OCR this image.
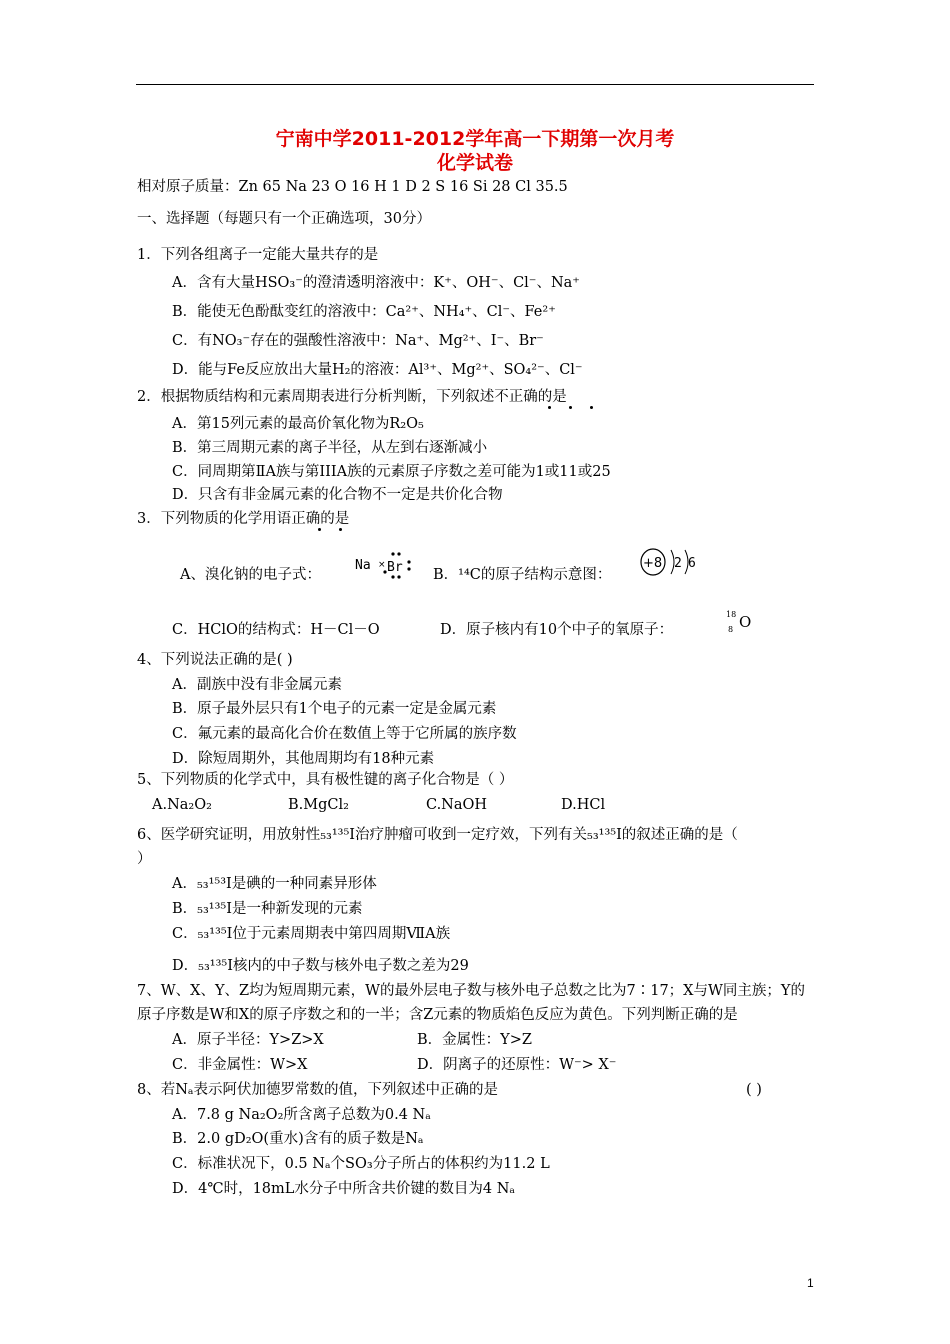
宁南中学2011-2012学年高一下期第一次月考
化学试卷
相对原子质量：Zn 65 Na 23 O 16 H 1 D 2 S 16 Si 28 Cl 35.5
一、选择题（每题只有一个正确选项，30分）
1．下列各组离子一定能大量共存的是
A．含有大量HSO₃⁻的澄清透明溶液中：K⁺、OH⁻、Cl⁻、Na⁺
B．能使无色酚酞变红的溶液中：Ca²⁺、NH₄⁺、Cl⁻、Fe²⁺
C．有NO₃⁻存在的强酸性溶液中：Na⁺、Mg²⁺、I⁻、Br⁻
D．能与Fe反应放出大量H₂的溶液：Al³⁺、Mg²⁺、SO₄²⁻、Cl⁻
2．根据物质结构和元素周期表进行分析判断，下列叙述不正确的是
A．第15列元素的最高价氧化物为R₂O₅
B．第三周期元素的离子半径，从左到右逐渐减小
C．同周期第ⅡA族与第IIIA族的元素原子序数之差可能为1或11或25
D．只含有非金属元素的化合物不一定是共价化合物
3．下列物质的化学用语正确的是
A、溴化钠的电子式：
Na × Br B．¹⁴C的原子结构示意图：
+8 2 6
C．HClO的结构式：H－Cl－O	D．原子核内有10个中子的氧原子：
18
8 O
4、下列说法正确的是( )
A．副族中没有非金属元素
B．原子最外层只有1个电子的元素一定是金属元素
C．氟元素的最高化合价在数值上等于它所属的族序数
D．除短周期外，其他周期均有18种元素
5、下列物质的化学式中，具有极性键的离子化合物是（ ）
A.Na₂O₂	B.MgCl₂	C.NaOH	D.HCl
6、医学研究证明，用放射性₅₃¹³⁵I治疗肿瘤可收到一定疗效，下列有关₅₃¹³⁵I的叙述正确的是（
）
A．₅₃¹⁵³I是碘的一种同素异形体
B．₅₃¹³⁵I是一种新发现的元素
C．₅₃¹³⁵I位于元素周期表中第四周期ⅦA族
D．₅₃¹³⁵I核内的中子数与核外电子数之差为29
7、W、X、Y、Z均为短周期元素，W的最外层电子数与核外电子总数之比为7∶17；X与W同主族；Y的
原子序数是W和X的原子序数之和的一半；含Z元素的物质焰色反应为黄色。下列判断正确的是
A．原子半径：Y>Z>X	B．金属性：Y>Z
C．非金属性：W>X	D．阴离子的还原性：W⁻> X⁻
8、若Nₐ表示阿伏加德罗常数的值，下列叙述中正确的是	( )
A．7.8 g Na₂O₂所含离子总数为0.4 Nₐ
B．2.0 gD₂O(重水)含有的质子数是Nₐ
C．标准状况下，0.5 Nₐ个SO₃分子所占的体积约为11.2 L
D．4℃时，18mL水分子中所含共价键的数目为4 Nₐ
1
